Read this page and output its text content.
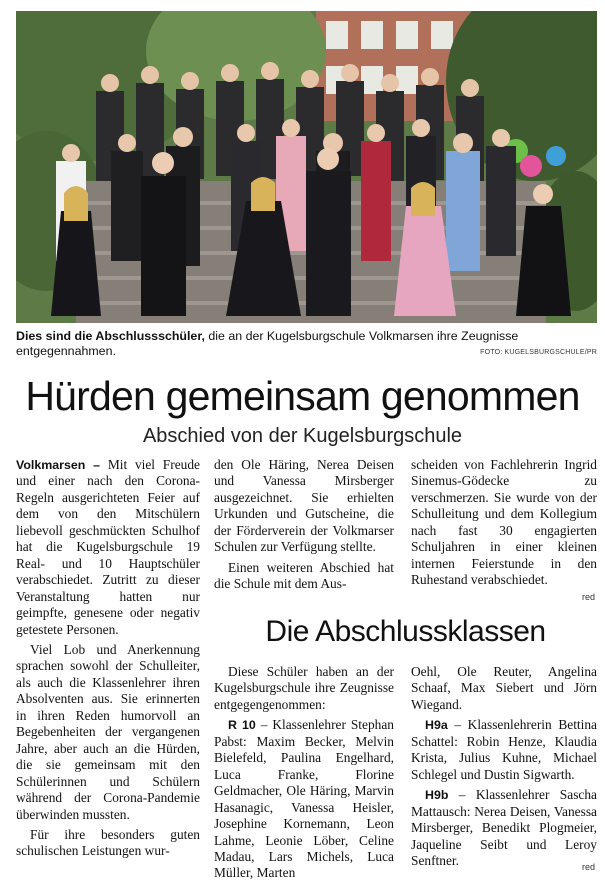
Dies sind die Abschlussschüler, die an der Kugelsburgschule Volkmarsen ihre Zeugnisse entgegennahmen.	FOTO: KUGELSBURGSCHULE/PR
Hürden gemeinsam genommen
Abschied von der Kugelsburgschule

Volkmarsen – Mit viel Freude und einer nach den Corona-Regeln ausgerichteten Feier auf dem von den Mitschülern liebevoll geschmückten Schulhof hat die Kugelsburgschule 19 Real- und 10 Hauptschüler verabschiedet. Zutritt zu dieser Veranstaltung hatten nur geimpfte, genesene oder negativ getestete Personen.

Viel Lob und Anerkennung sprachen sowohl der Schulleiter, als auch die Klassenlehrer ihren Absolventen aus. Sie erinnerten in ihren Reden humorvoll an Begebenheiten der vergangenen Jahre, aber auch an die Hürden, die sie gemeinsam mit den Schülerinnen und Schülern während der Corona-Pandemie überwinden mussten.

Für ihre besonders guten schulischen Leistungen wur-

den Ole Häring, Nerea Deisen und Vanessa Mirsberger ausgezeichnet. Sie erhielten Urkunden und Gutscheine, die der Förderverein der Volkmarser Schulen zur Verfügung stellte.

Einen weiteren Abschied hat die Schule mit dem Aus-

scheiden von Fachlehrerin Ingrid Sinemus-Gödecke zu verschmerzen. Sie wurde von der Schulleitung und dem Kollegium nach fast 30 engagierten Schuljahren in einer kleinen internen Feierstunde in den Ruhestand verabschiedet.

red
Die Abschlussklassen

Diese Schüler haben an der Kugelsburgschule ihre Zeugnisse entgegengenommen:

R 10 – Klassenlehrer Stephan Pabst: Maxim Becker, Melvin Bielefeld, Paulina Engelhard, Luca Franke, Florine Geldmacher, Ole Häring, Marvin Hasanagic, Vanessa Heisler, Josephine Kornemann, Leon Lahme, Leonie Löber, Celine Madau, Lars Michels, Luca Müller, Marten

Oehl, Ole Reuter, Angelina Schaaf, Max Siebert und Jörn Wiegand.

H9a – Klassenlehrerin Bettina Schattel: Robin Henze, Klaudia Krista, Julius Kuhne, Michael Schlegel und Dustin Sigwarth.

H9b – Klassenlehrer Sascha Mattausch: Nerea Deisen, Vanessa Mirsberger, Benedikt Plogmeier, Jaqueline Seibt und Leroy Senftner.	red
